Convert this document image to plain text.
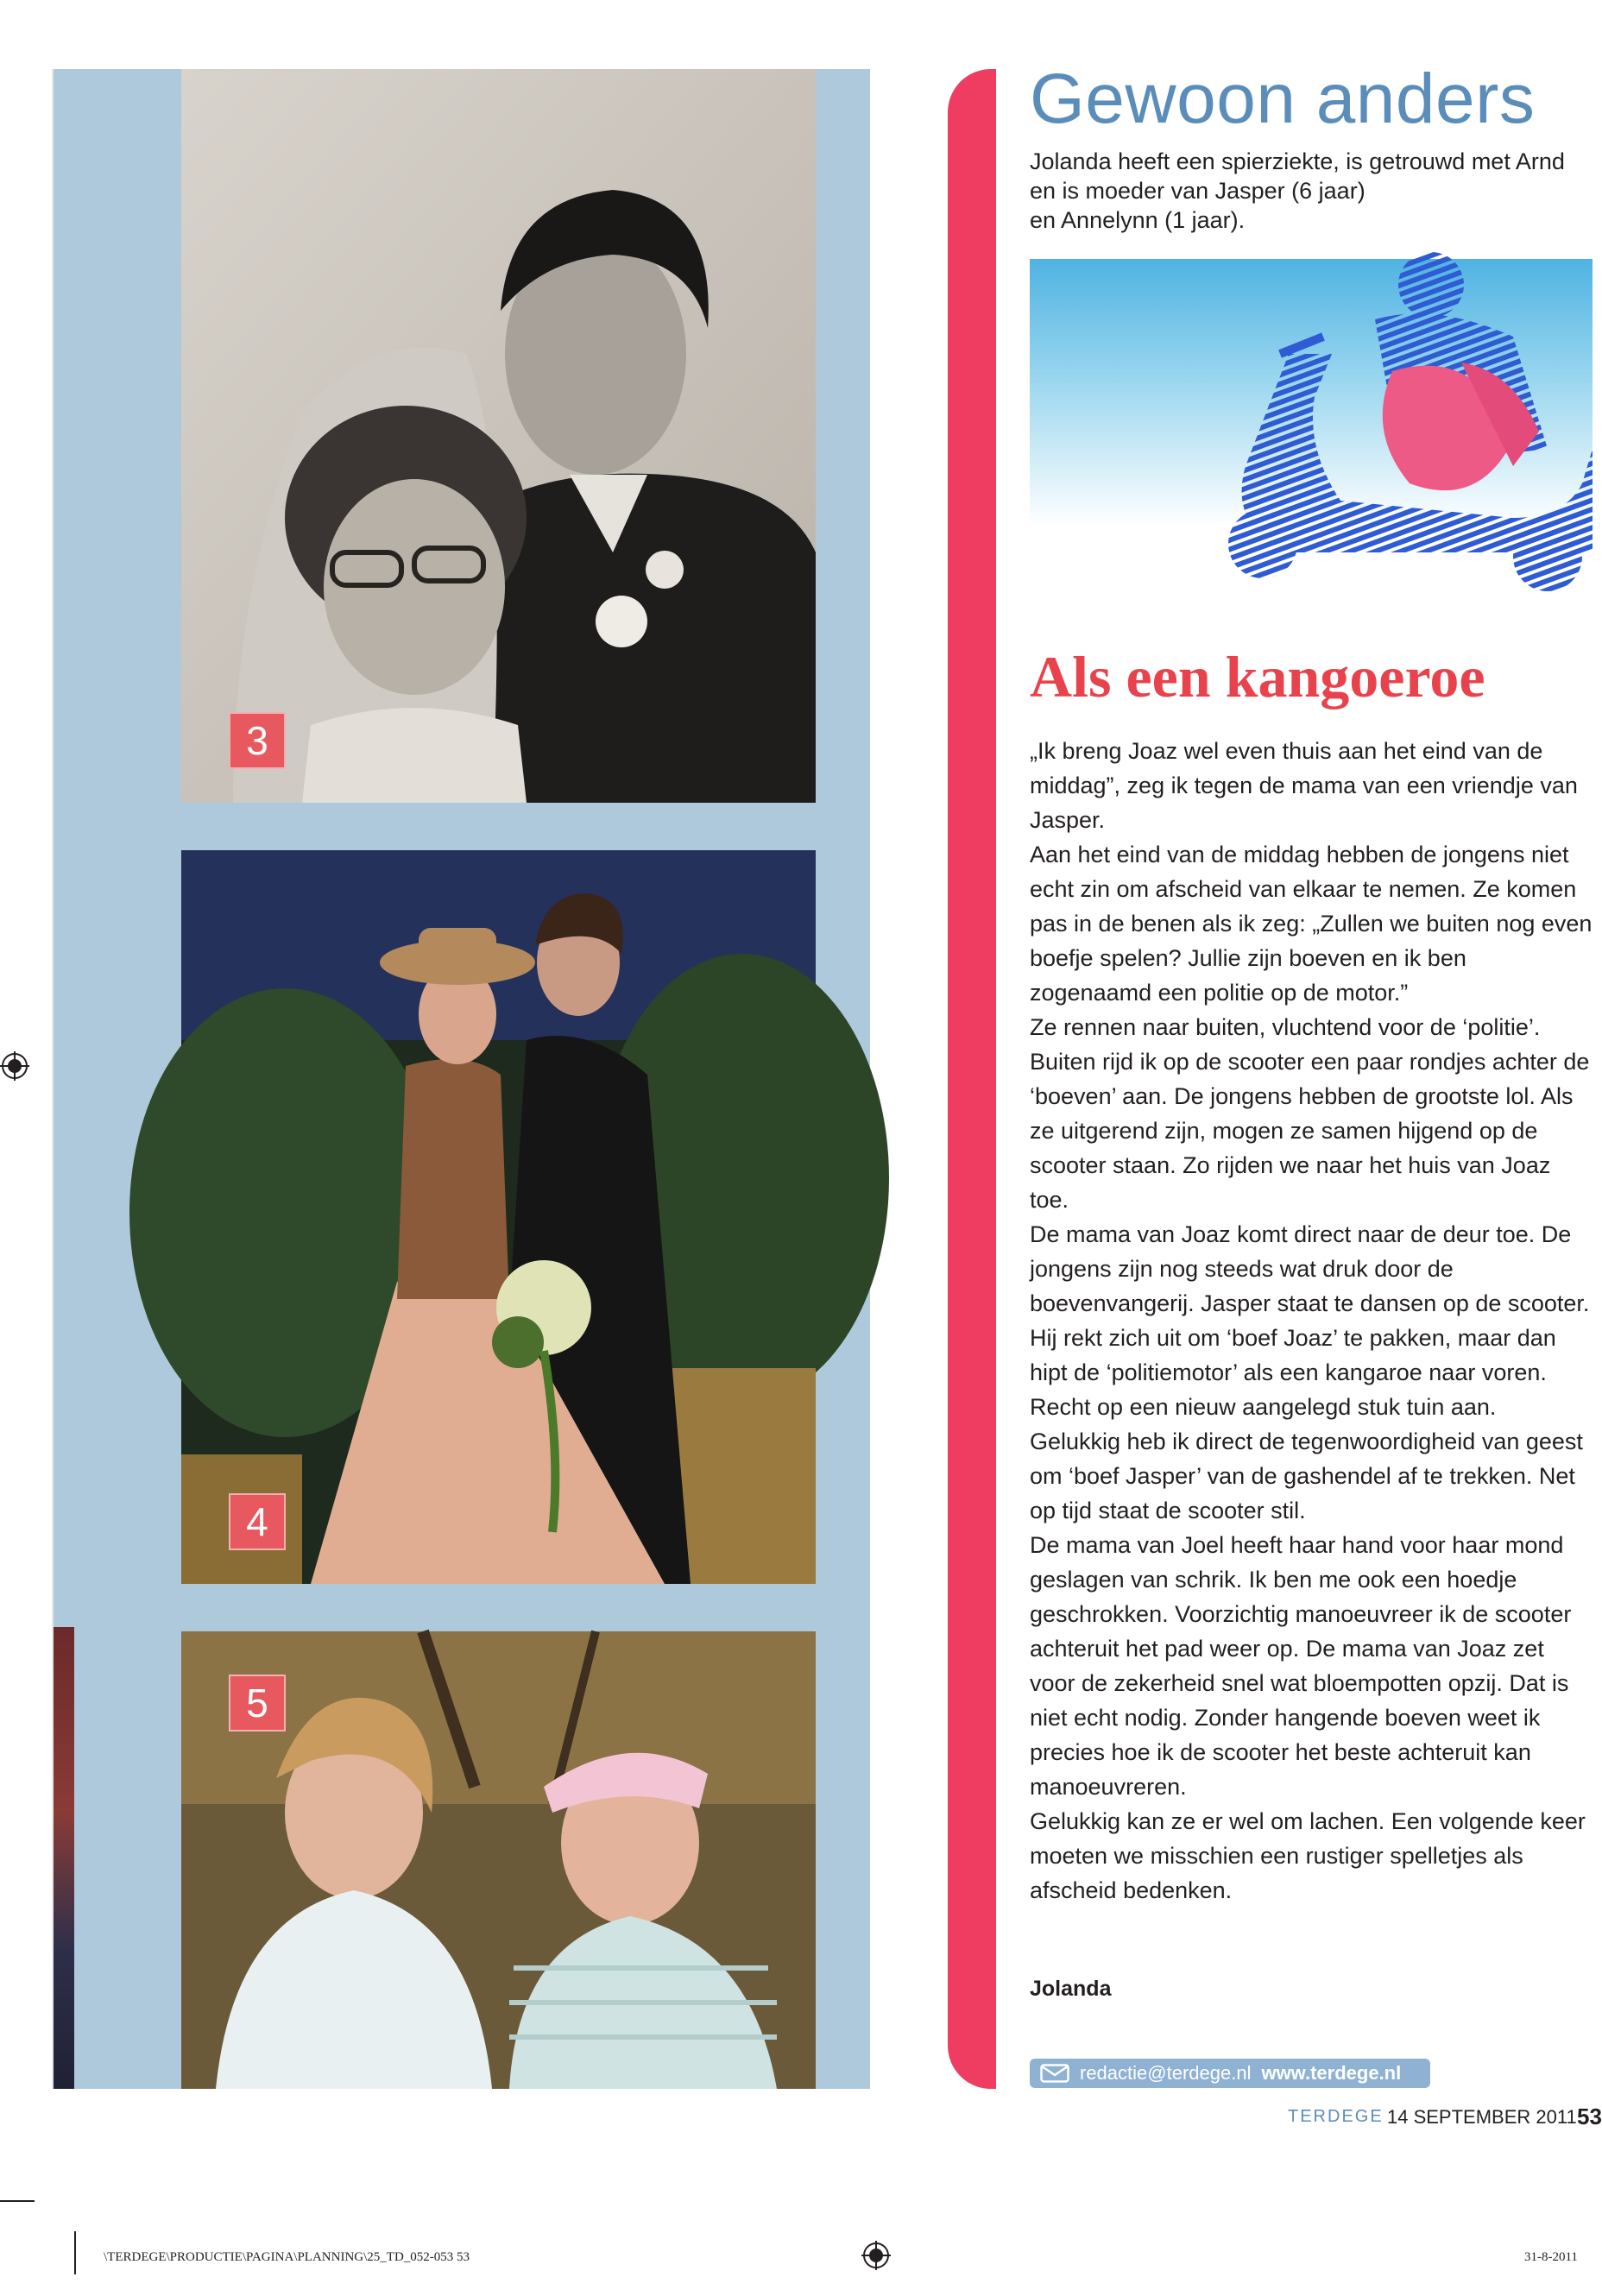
3
4
5
Gewoon anders
Jolanda heeft een spierziekte, is getrouwd met Arnd
en is moeder van Jasper (6 jaar)
en Annelynn (1 jaar).
Als een kangoeroe

„Ik breng Joaz wel even thuis aan het eind van de middag”, zeg ik tegen de mama van een vriendje van Jasper.

Aan het eind van de middag hebben de jongens niet echt zin om afscheid van elkaar te nemen. Ze komen pas in de benen als ik zeg: „Zullen we buiten nog even boefje spelen? Jullie zijn boeven en ik ben zogenaamd een politie op de motor.”

Ze rennen naar buiten, vluchtend voor de ‘politie’. Buiten rijd ik op de scooter een paar rondjes achter de ‘boeven’ aan. De jongens hebben de grootste lol. Als ze uitgerend zijn, mogen ze samen hijgend op de scooter staan. Zo rijden we naar het huis van Joaz toe.

De mama van Joaz komt direct naar de deur toe. De jongens zijn nog steeds wat druk door de boevenvangerij. Jasper staat te dansen op de scooter. Hij rekt zich uit om ‘boef Joaz’ te pakken, maar dan hipt de ‘politiemotor’ als een kangaroe naar voren. Recht op een nieuw aangelegd stuk tuin aan. Gelukkig heb ik direct de tegenwoordigheid van geest om ‘boef Jasper’ van de gashendel af te trekken. Net op tijd staat de scooter stil.

De mama van Joel heeft haar hand voor haar mond geslagen van schrik. Ik ben me ook een hoedje geschrokken. Voorzichtig manoeuvreer ik de scooter achteruit het pad weer op. De mama van Joaz zet voor de zekerheid snel wat bloempotten opzij. Dat is niet echt nodig. Zonder hangende boeven weet ik precies hoe ik de scooter het beste achteruit kan manoeuvreren.

Gelukkig kan ze er wel om lachen. Een volgende keer moeten we misschien een rustiger spelletjes als afscheid bedenken.

Jolanda
redactie@terdege.nl www.terdege.nl
TERDEGE 14 SEPTEMBER 2011 53
\TERDEGE\PRODUCTIE\PAGINA\PLANNING\25_TD_052-053 53	31-8-2011
